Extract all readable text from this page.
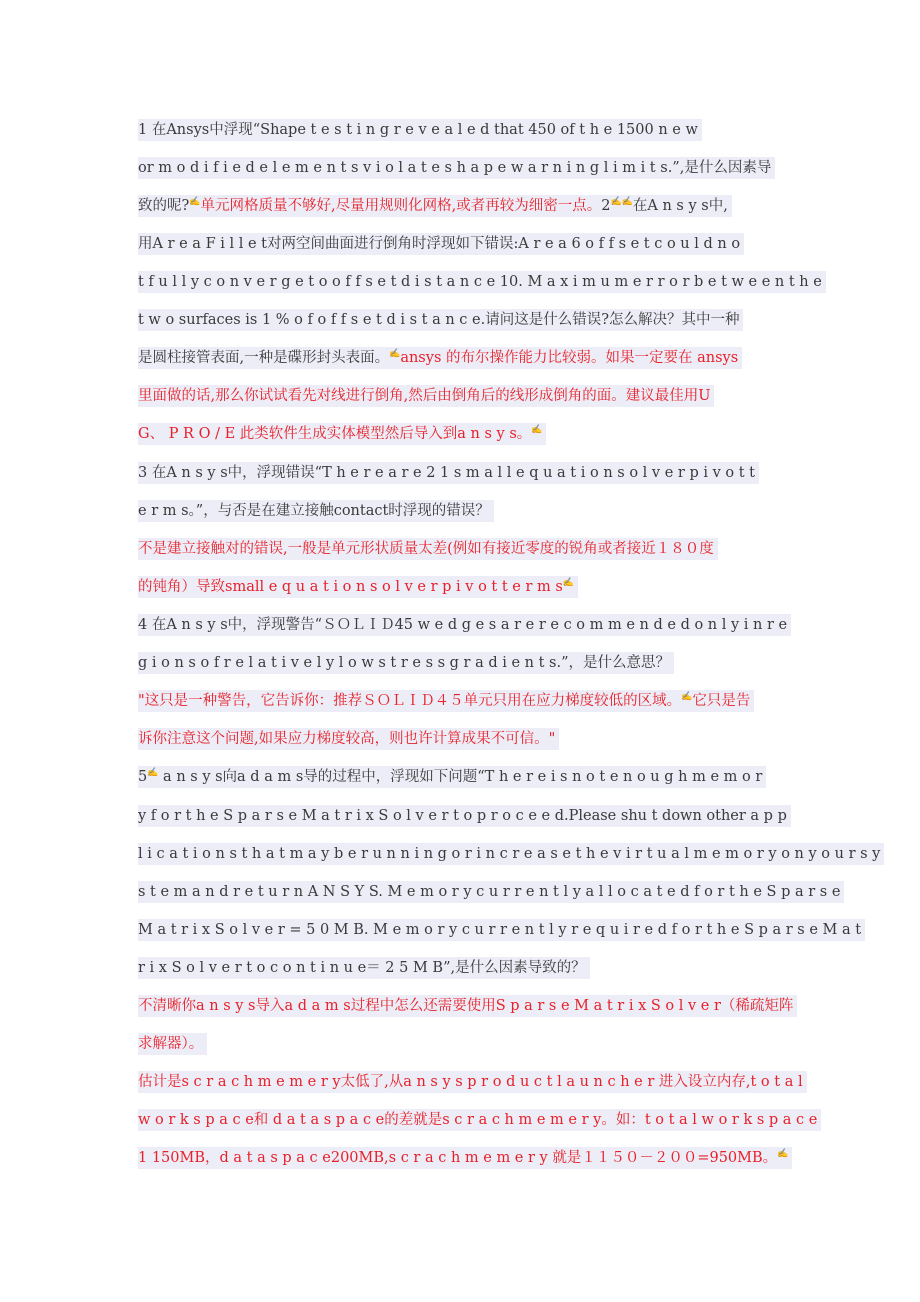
1 在Ansys中浮现“Shape t e s t i n g r e v e a l e d that 450 of t h e 1500 n e w
or m o d i f i e d e l e m e n t s v i o l a t e s h a p e w a r n i n g l i m i t s.”,是什么因素导
致的呢?✍单元网格质量不够好,尽量用规则化网格,或者再较为细密一点。2✍✍在A n s y s中,
用A r e a F i l l e t对两空间曲面进行倒角时浮现如下错误:A r e a 6 o f f s e t c o u l d n o
t f u l l y c o n v e r g e t o o f f s e t d i s t a n c e 10. M a x i m u m e r r o r b e t w e e n t h e
t w o surfaces is 1 % o f o f f s e t d i s t a n c e.请问这是什么错误?怎么解决？其中一种
是圆柱接管表面,一种是碟形封头表面。✍ansys 的布尔操作能力比较弱。如果一定要在 ansys
里面做的话,那么你试试看先对线进行倒角,然后由倒角后的线形成倒角的面。建议最佳用U
G、 P R O / E 此类软件生成实体模型然后导入到a n s y s。✍
3 在A n s y s中，浮现错误“T h e r e a r e 2 1 s m a l l e q u a t i o n s o l v e r p i v o t t
e r m s。”，与否是在建立接触contact时浮现的错误？
不是建立接触对的错误,一般是单元形状质量太差(例如有接近零度的锐角或者接近１８０度
的钝角）导致small e q u a t i o n s o l v e r p i v o t t e r m s✍
4 在A n s y s中，浮现警告“ＳＯＬＩＤ45 w e d g e s a r e r e c o m m e n d e d o n l y i n r e
g i o n s o f r e l a t i v e l y l o w s t r e s s g r a d i e n t s.”，是什么意思？
"这只是一种警告，它告诉你：推荐ＳＯＬＩＤ４５单元只用在应力梯度较低的区域。✍它只是告
诉你注意这个问题,如果应力梯度较高，则也许计算成果不可信。"
5✍ a n s y s向a d a m s导的过程中，浮现如下问题“T h e r e i s n o t e n o u g h m e m o r
y f o r t h e S p a r s e M a t r i x S o l v e r t o p r o c e e d.Please shu t down other a p p
l i c a t i o n s t h a t m a y b e r u n n i n g o r i n c r e a s e t h e v i r t u a l m e m o r y o n y o u r s y
s t e m a n d r e t u r n A N S Y S. M e m o r y c u r r e n t l y a l l o c a t e d f o r t h e S p a r s e
M a t r i x S o l v e r = 5 0 M B. M e m o r y c u r r e n t l y r e q u i r e d f o r t h e S p a r s e M a t
r i x S o l v e r t o c o n t i n u e＝ 2 5 M B”,是什么因素导致的？
不清晰你a n s y s导入a d a m s过程中怎么还需要使用S p a r s e M a t r i x S o l v e r（稀疏矩阵
求解器）。
估计是s c r a c h m e m e r y太低了,从a n s y s p r o d u c t l a u n c h e r 进入设立内存,t o t a l
w o r k s p a c e和 d a t a s p a c e的差就是s c r a c h m e m e r y。如：t o t a l w o r k s p a c e
1 150MB，d a t a s p a c e200MB,s c r a c h m e m e r y 就是１１５０－２００=950MB。✍
